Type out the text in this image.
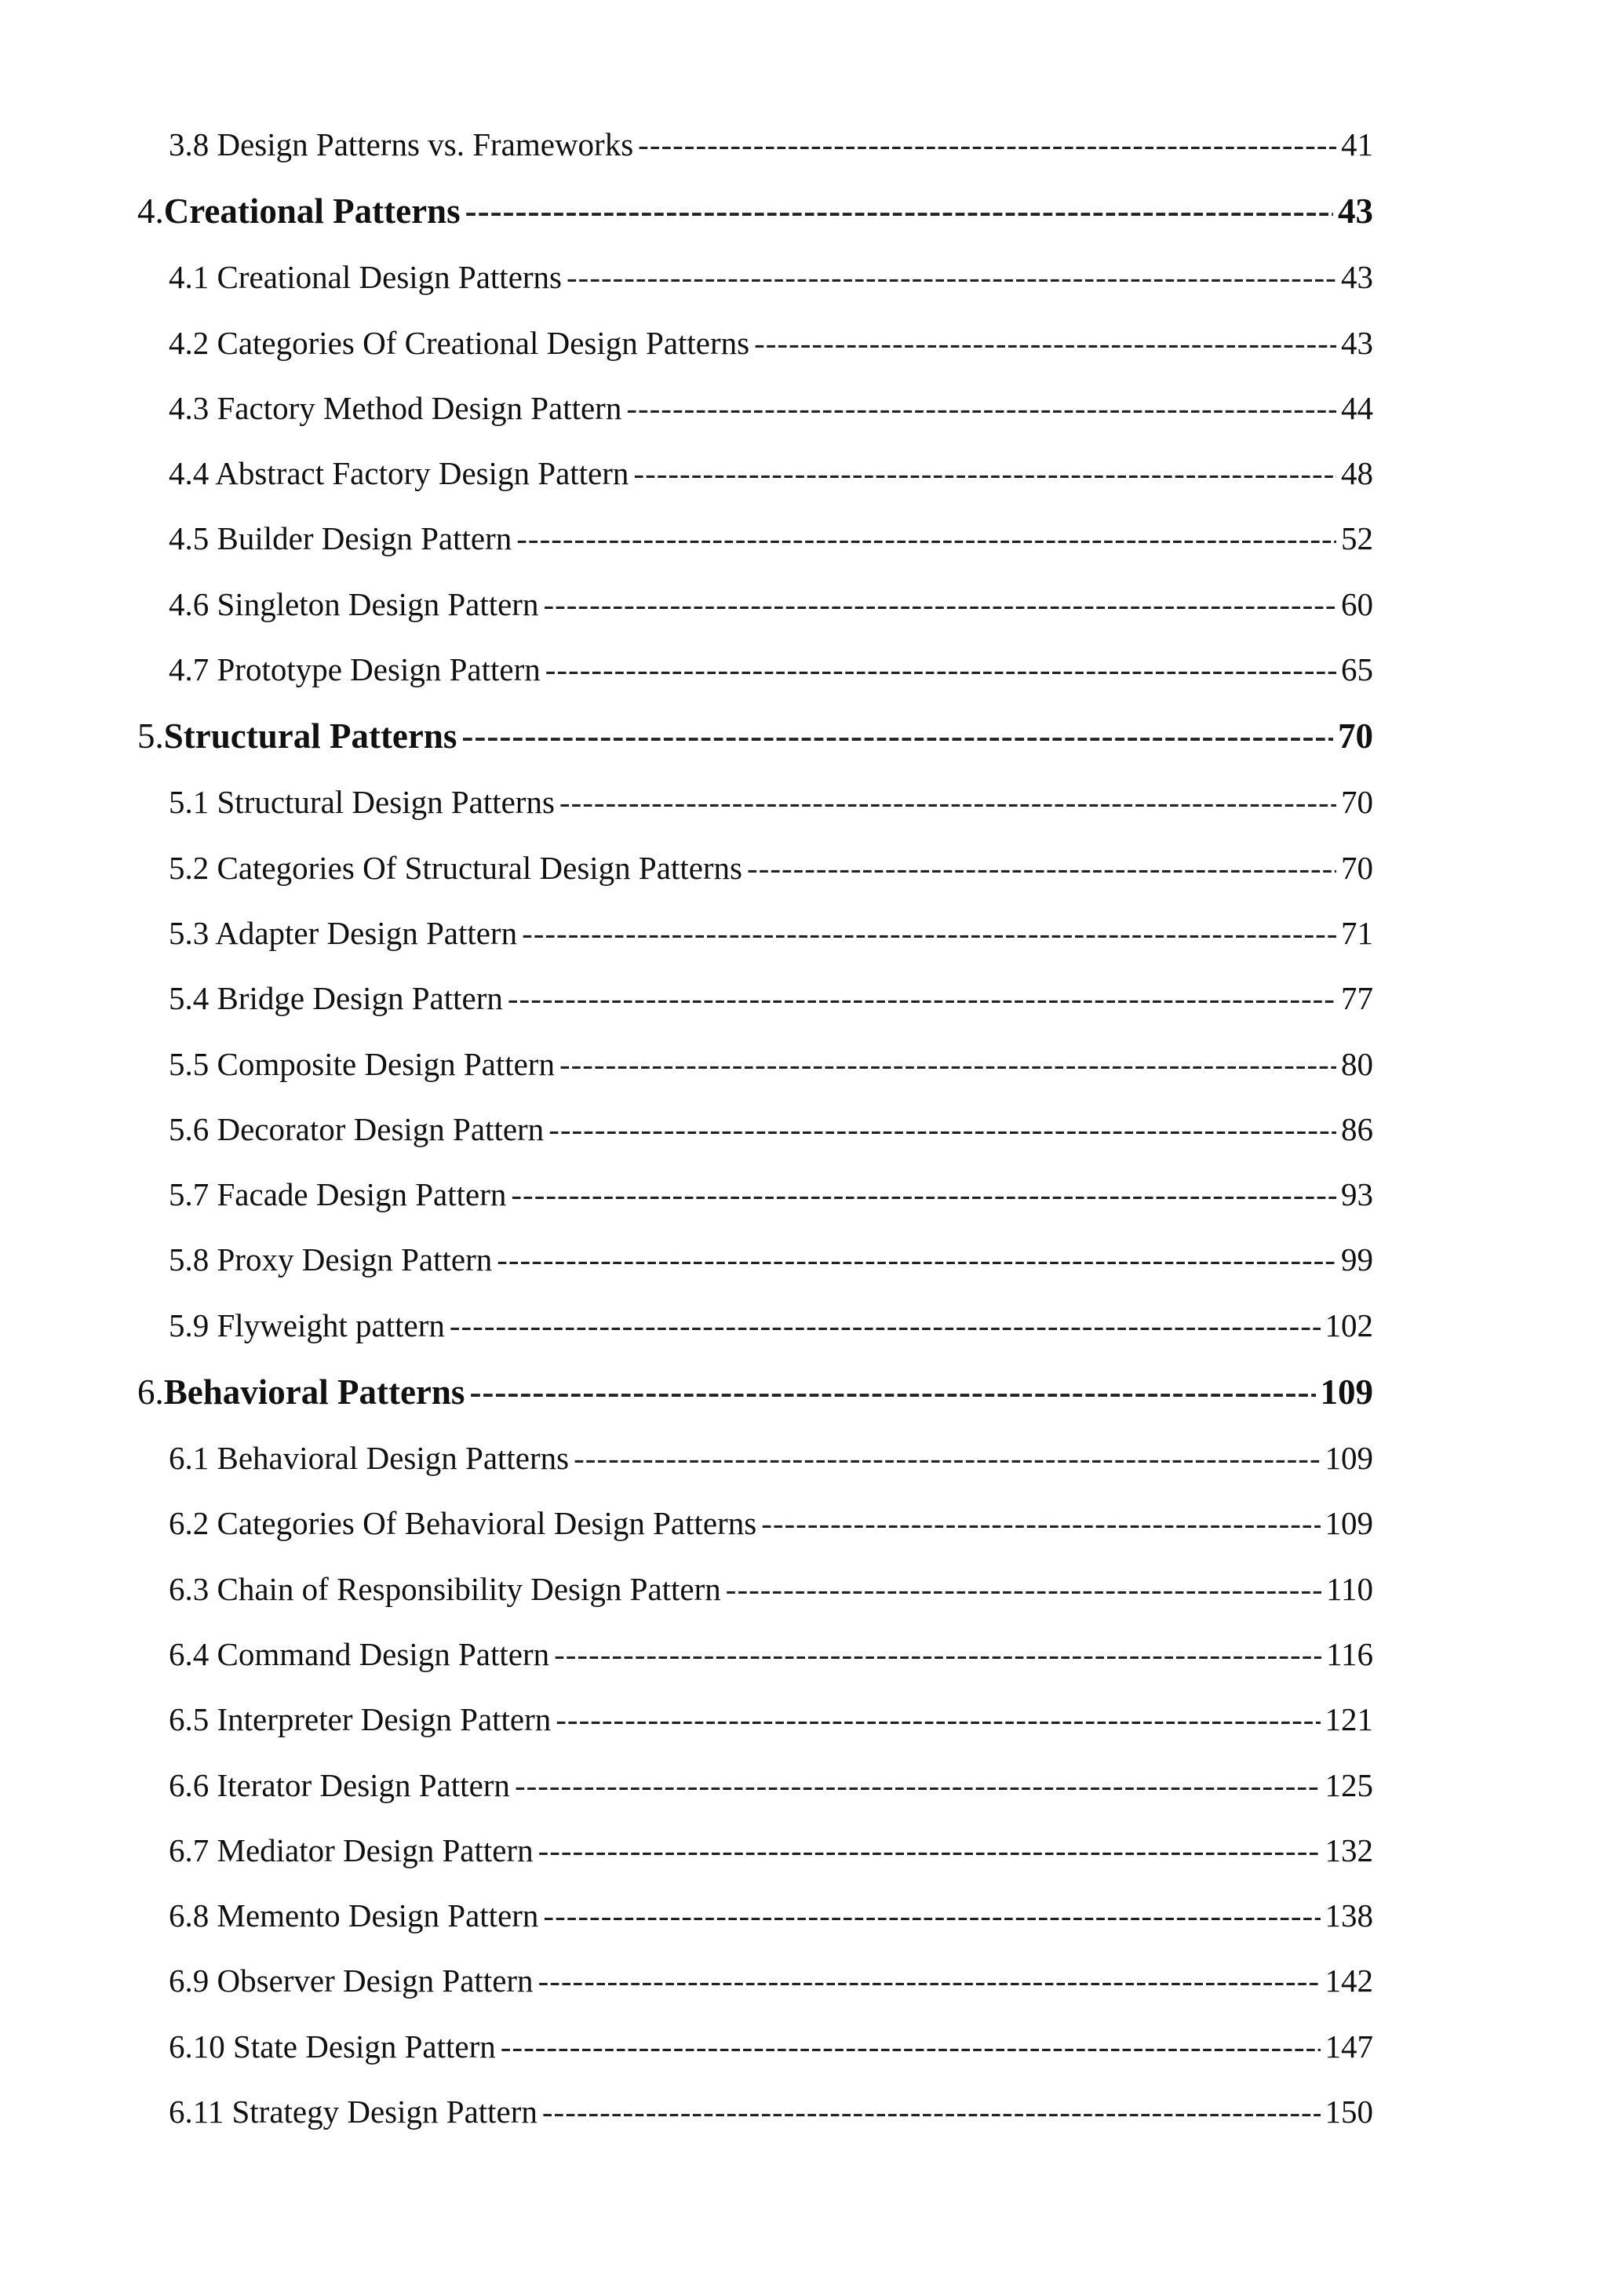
3.8 Design Patterns vs. Frameworks -----	41
4. Creational Patterns -----	43
4.1 Creational Design Patterns -----	43
4.2 Categories Of Creational Design Patterns -----	43
4.3 Factory Method Design Pattern -----	44
4.4 Abstract Factory Design Pattern -----	48
4.5 Builder Design Pattern -----	52
4.6 Singleton Design Pattern -----	60
4.7 Prototype Design Pattern -----	65
5. Structural Patterns -----	70
5.1 Structural Design Patterns -----	70
5.2 Categories Of Structural Design Patterns -----	70
5.3 Adapter Design Pattern -----	71
5.4 Bridge Design Pattern -----	77
5.5 Composite Design Pattern -----	80
5.6 Decorator Design Pattern -----	86
5.7 Facade Design Pattern -----	93
5.8 Proxy Design Pattern -----	99
5.9 Flyweight pattern -----	102
6. Behavioral Patterns -----	109
6.1 Behavioral Design Patterns -----	109
6.2 Categories Of Behavioral Design Patterns -----	109
6.3 Chain of Responsibility Design Pattern -----	110
6.4 Command Design Pattern -----	116
6.5 Interpreter Design Pattern -----	121
6.6 Iterator Design Pattern -----	125
6.7 Mediator Design Pattern -----	132
6.8 Memento Design Pattern -----	138
6.9 Observer Design Pattern -----	142
6.10 State Design Pattern -----	147
6.11 Strategy Design Pattern -----	150
